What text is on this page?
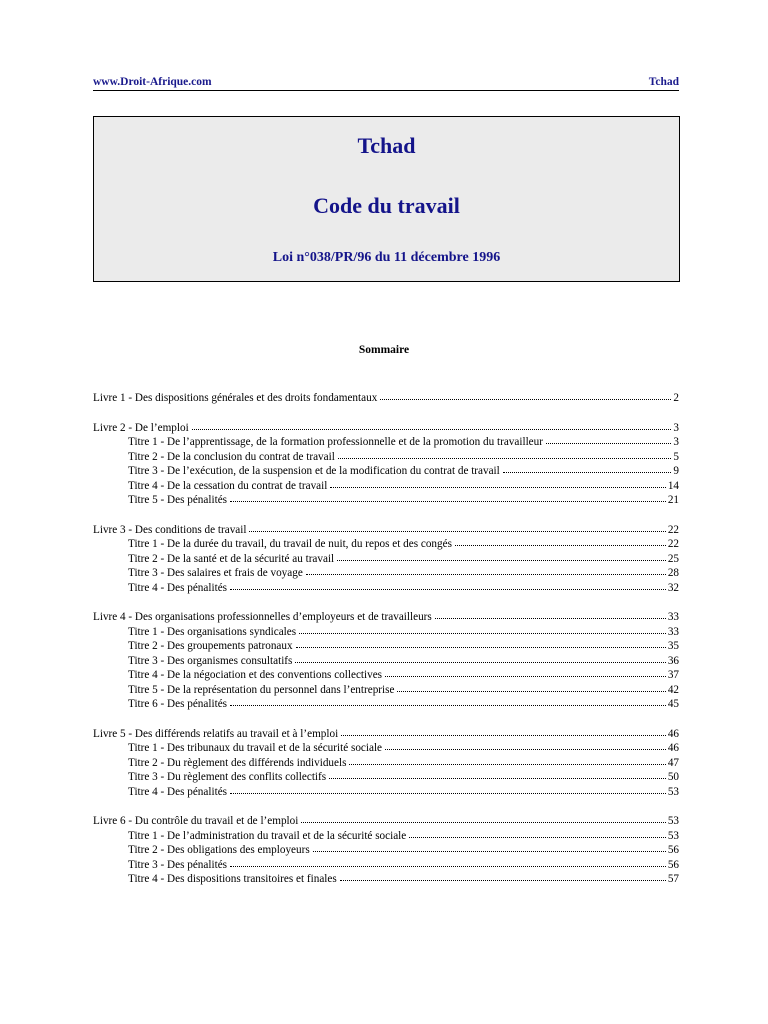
www.Droit-Afrique.com	Tchad
Tchad
Code du travail
Loi n°038/PR/96 du 11 décembre 1996
Sommaire
Livre 1 - Des dispositions générales et des droits fondamentaux	2
Livre 2 - De l’emploi	3
Titre 1 - De l’apprentissage, de la formation professionnelle et de la promotion du travailleur	3
Titre 2 - De la conclusion du contrat de travail	5
Titre 3 - De l’exécution, de la suspension et de la modification du contrat de travail	9
Titre 4 - De la cessation du contrat de travail	14
Titre 5 - Des pénalités	21
Livre 3 - Des conditions de travail	22
Titre 1 - De la durée du travail, du travail de nuit, du repos et des congés	22
Titre 2 - De la santé et de la sécurité au travail	25
Titre 3 - Des salaires et frais de voyage	28
Titre 4 - Des pénalités	32
Livre 4 - Des organisations professionnelles d’employeurs et de travailleurs	33
Titre 1 - Des organisations syndicales	33
Titre 2 - Des groupements patronaux	35
Titre 3 - Des organismes consultatifs	36
Titre 4 - De la négociation et des conventions collectives	37
Titre 5 - De la représentation du personnel dans l’entreprise	42
Titre 6 - Des pénalités	45
Livre 5 - Des différends relatifs au travail et à l’emploi	46
Titre 1 - Des tribunaux du travail et de la sécurité sociale	46
Titre 2 - Du règlement des différends individuels	47
Titre 3 - Du règlement des conflits collectifs	50
Titre 4 - Des pénalités	53
Livre 6 - Du contrôle du travail et de l’emploi	53
Titre 1 - De l’administration du travail et de la sécurité sociale	53
Titre 2 - Des obligations des employeurs	56
Titre 3 - Des pénalités	56
Titre 4 - Des dispositions transitoires et finales	57
